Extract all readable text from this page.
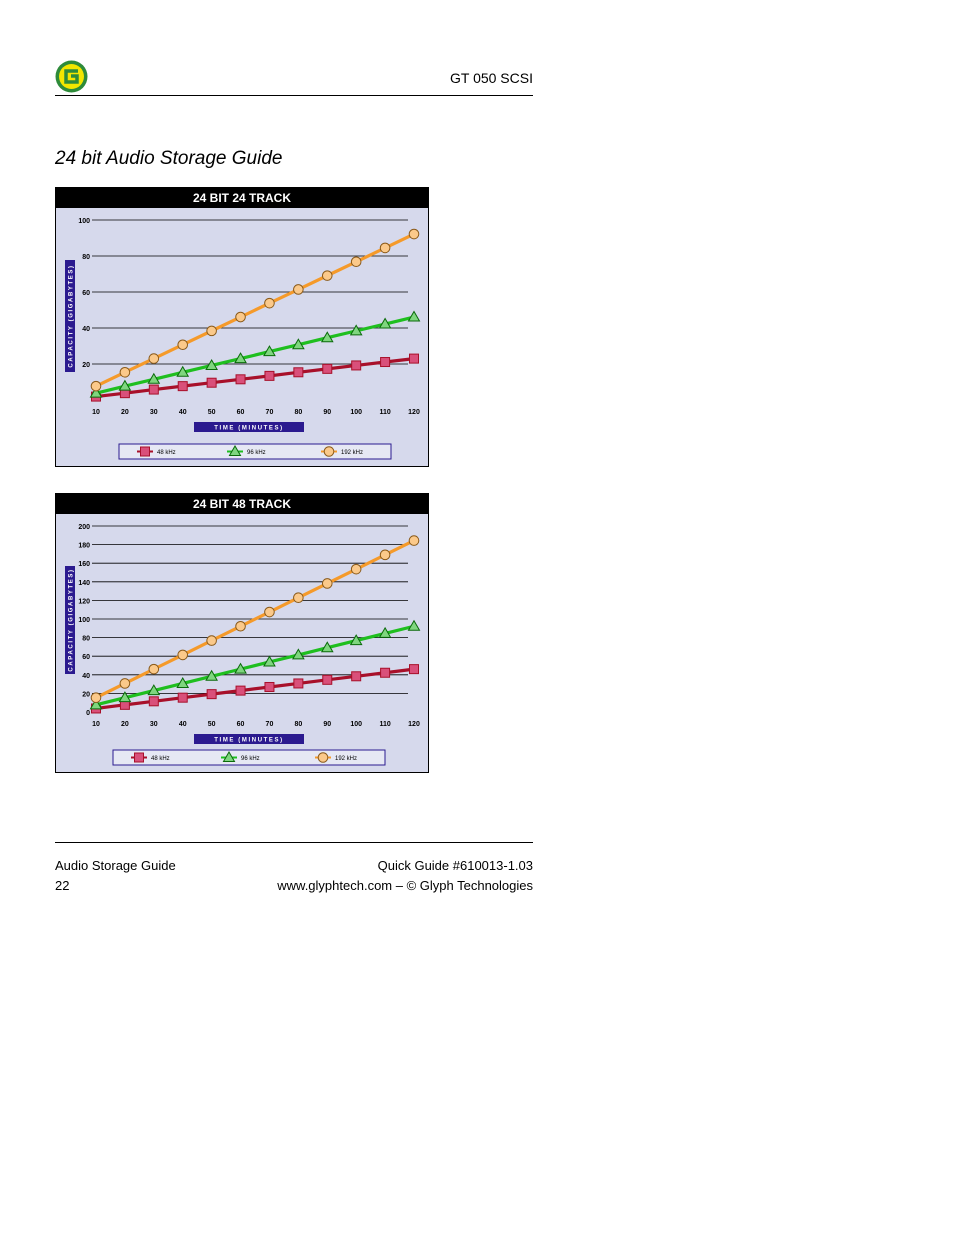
GT 050 SCSI
24 bit Audio Storage Guide
24 BIT 24 TRACK
20
40
60
80
100
10	20	30	40	50	60	70	80	90	100 110 120
CAPACITY (GIGABYTES)
TIME (MINUTES)
48 kHz	96 kHz	192 kHz
24 BIT 48 TRACK
0
20
40
60
80
100
120
140
160
180
200
10	20	30	40	50	60	70	80	90	100 110 120
CAPACITY (GIGABYTES)
TIME (MINUTES)
48 kHz	96 kHz	192 kHz
Audio Storage Guide
22
Quick Guide #610013-1.03
www.glyphtech.com – © Glyph Technologies
